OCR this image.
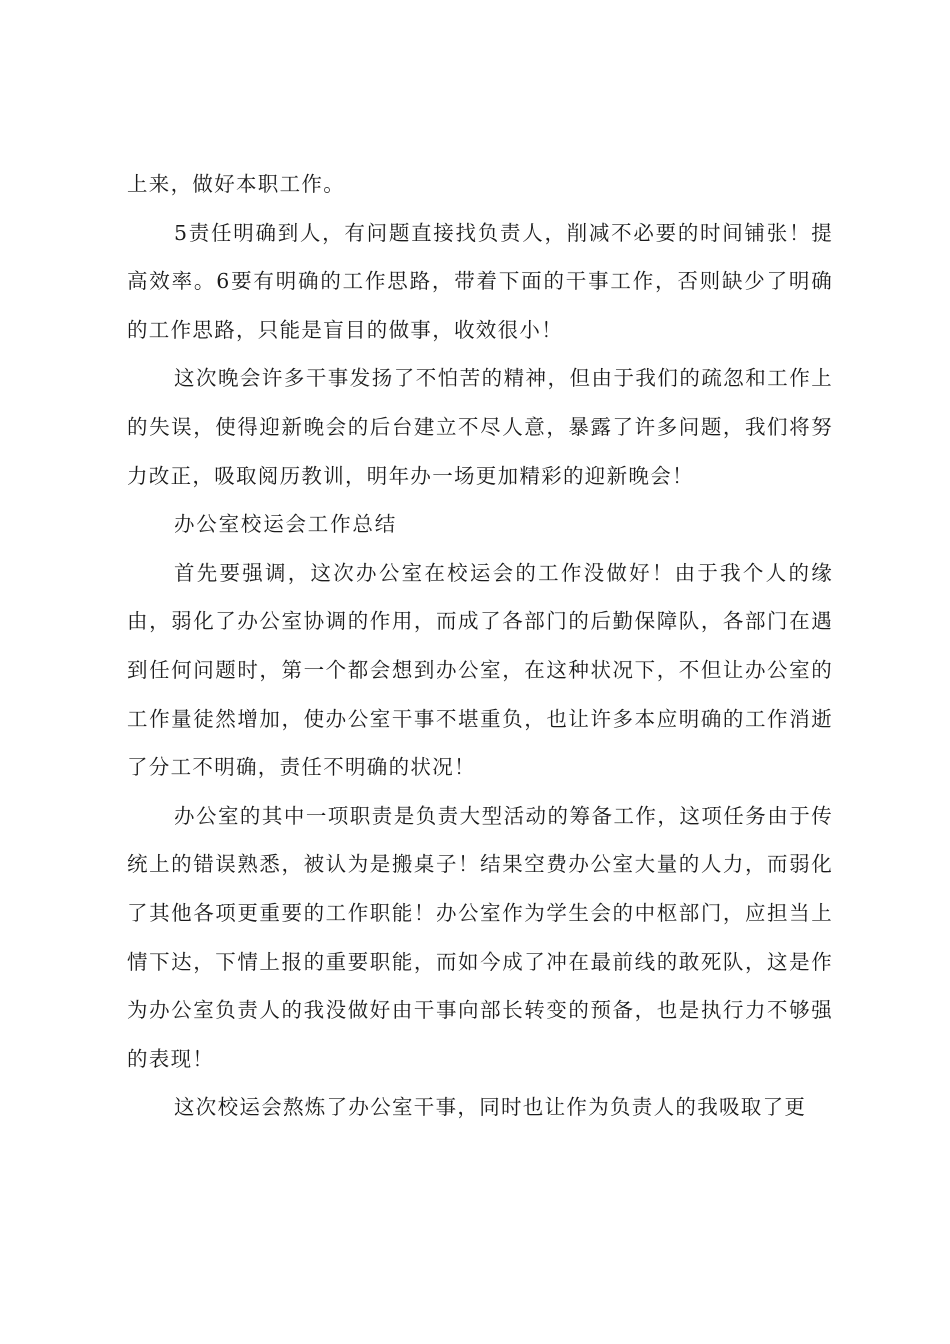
上来，做好本职工作。

5责任明确到人，有问题直接找负责人，削减不必要的时间铺张！提高效率。6要有明确的工作思路，带着下面的干事工作，否则缺少了明确的工作思路，只能是盲目的做事，收效很小！

这次晚会许多干事发扬了不怕苦的精神，但由于我们的疏忽和工作上的失误，使得迎新晚会的后台建立不尽人意，暴露了许多问题，我们将努力改正，吸取阅历教训，明年办一场更加精彩的迎新晚会！

办公室校运会工作总结

首先要强调，这次办公室在校运会的工作没做好！由于我个人的缘由，弱化了办公室协调的作用，而成了各部门的后勤保障队，各部门在遇到任何问题时，第一个都会想到办公室，在这种状况下，不但让办公室的工作量徒然增加，使办公室干事不堪重负，也让许多本应明确的工作消逝了分工不明确，责任不明确的状况！

办公室的其中一项职责是负责大型活动的筹备工作，这项任务由于传统上的错误熟悉，被认为是搬桌子！结果空费办公室大量的人力，而弱化了其他各项更重要的工作职能！办公室作为学生会的中枢部门，应担当上情下达，下情上报的重要职能，而如今成了冲在最前线的敢死队，这是作为办公室负责人的我没做好由干事向部长转变的预备，也是执行力不够强的表现！

这次校运会熬炼了办公室干事，同时也让作为负责人的我吸取了更
